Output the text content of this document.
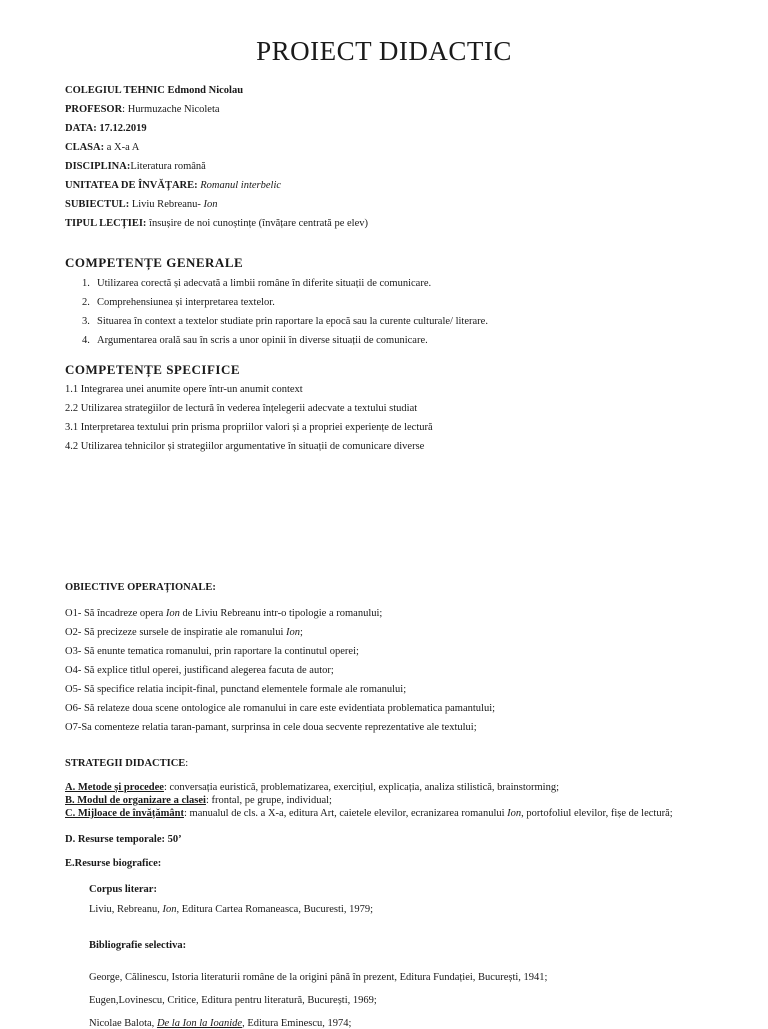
PROIECT DIDACTIC
COLEGIUL TEHNIC Edmond Nicolau
PROFESOR: Hurmuzache Nicoleta
DATA: 17.12.2019
CLASA: a X-a A
DISCIPLINA:Literatura română
UNITATEA DE ÎNVĂȚARE: Romanul interbelic
SUBIECTUL: Liviu Rebreanu- Ion
TIPUL LECȚIEI: însușire de noi cunoștințe (învățare centrată pe elev)
COMPETENȚE GENERALE
1. Utilizarea corectă și adecvată a limbii române în diferite situații de comunicare.
2. Comprehensiunea și interpretarea textelor.
3. Situarea în context a textelor studiate prin raportare la epocă sau la curente culturale/ literare.
4. Argumentarea orală sau în scris a unor opinii în diverse situații de comunicare.
COMPETENȚE SPECIFICE
1.1 Integrarea unei anumite opere într-un anumit context
2.2 Utilizarea strategiilor de lectură în vederea înțelegerii adecvate a textului studiat
3.1 Interpretarea textului prin prisma propriilor valori și a propriei experiențe de lectură
4.2 Utilizarea tehnicilor și strategiilor argumentative în situații de comunicare diverse
OBIECTIVE OPERAȚIONALE:
O1- Să încadreze opera Ion de Liviu Rebreanu intr-o tipologie a romanului;
O2- Să precizeze sursele de inspiratie ale romanului Ion;
O3- Să enunte tematica romanului, prin raportare la continutul operei;
O4- Să explice titlul operei, justificand alegerea facuta de autor;
O5- Să specifice relatia incipit-final, punctand elementele formale ale romanului;
O6- Să relateze doua scene ontologice ale romanului in care este evidentiata problematica pamantului;
O7-Sa comenteze relatia taran-pamant, surprinsa in cele doua secvente reprezentative ale textului;
STRATEGII DIDACTICE:
A. Metode și procedee: conversația euristică, problematizarea, exercițiul, explicația, analiza stilistică, brainstorming;
B. Modul de organizare a clasei: frontal, pe grupe, individual;
C. Mijloace de învățământ: manualul de cls. a X-a, editura Art, caietele elevilor, ecranizarea romanului Ion, portofoliul elevilor, fișe de lectură;
D. Resurse temporale: 50’
E.Resurse biografice:
Corpus literar:
Liviu, Rebreanu, Ion, Editura Cartea Romaneasca, Bucuresti, 1979;
Bibliografie selectiva:
George, Călinescu, Istoria literaturii române de la origini până în prezent, Editura Fundației, București, 1941;
Eugen,Lovinescu, Critice, Editura pentru literatură, București, 1969;
Nicolae Balota, De la Ion la Ioanide, Editura Eminescu, 1974;
